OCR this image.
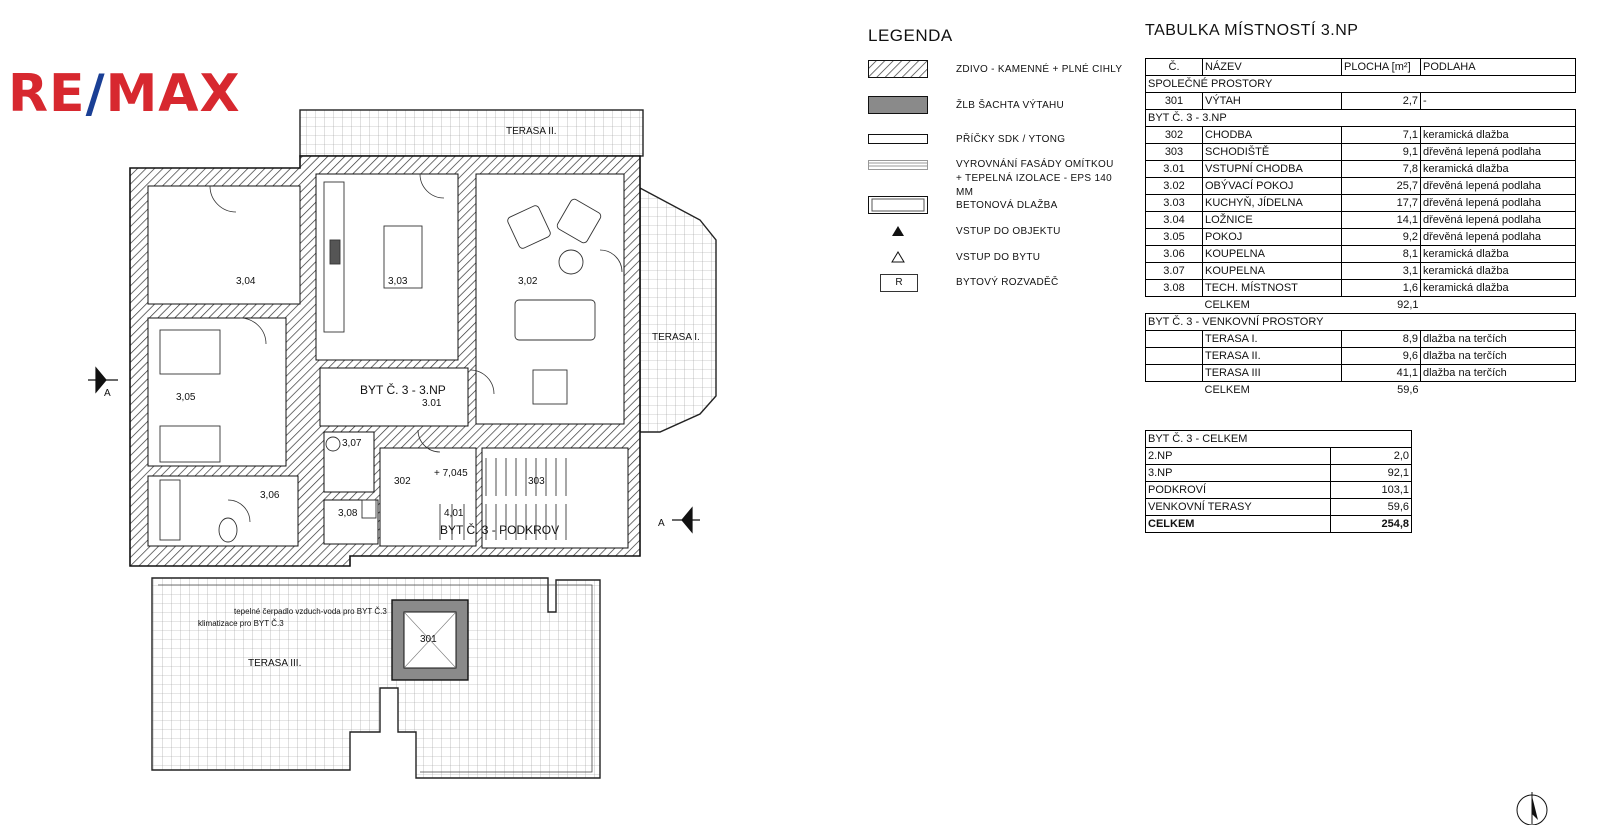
3,04	3,03	3,02
3,05
3,06
3,07
3,08
302	303
301
4,01
3.01
BYT Č. 3 - 3.NP
BYT Č. 3 - PODKROV
+ 7,045
TERASA I.
TERASA II.
TERASA III.
tepelné čerpadlo vzduch-voda pro BYT Č.3
klimatizace pro BYT Č.3
A
A
RE/MAX
LEGENDA
ZDIVO - KAMENNÉ + PLNÉ CIHLY
ŽLB ŠACHTA VÝTAHU
PŘÍČKY SDK / YTONG
VYROVNÁNÍ FASÁDY OMÍTKOU
+ TEPELNÁ IZOLACE - EPS 140 MM
BETONOVÁ DLAŽBA
VSTUP DO OBJEKTU
VSTUP DO BYTU
R	BYTOVÝ ROZVADĚČ
TABULKA MÍSTNOSTÍ 3.NP
Č.	NÁZEV	PLOCHA [m²]	PODLAHA
SPOLEČNÉ PROSTORY			
301	VÝTAH	2,7	-
BYT Č. 3 - 3.NP			
302	CHODBA	7,1	keramická dlažba
303	SCHODIŠTĚ	9,1	dřevěná lepená podlaha
3.01	VSTUPNÍ CHODBA	7,8	keramická dlažba
3.02	OBÝVACÍ POKOJ	25,7	dřevěná lepená podlaha
3.03	KUCHYŇ, JÍDELNA	17,7	dřevěná lepená podlaha
3.04	LOŽNICE	14,1	dřevěná lepená podlaha
3.05	POKOJ	9,2	dřevěná lepená podlaha
3.06	KOUPELNA	8,1	keramická dlažba
3.07	KOUPELNA	3,1	keramická dlažba
3.08	TECH. MÍSTNOST	1,6	keramická dlažba
	CELKEM	92,1	
BYT Č. 3 - VENKOVNÍ PROSTORY			
	TERASA I.	8,9	dlažba na terčích
	TERASA II.	9,6	dlažba na terčích
	TERASA III	41,1	dlažba na terčích
	CELKEM	59,6	
BYT Č. 3 - CELKEM	
2.NP	2,0
3.NP	92,1
PODKROVÍ	103,1
VENKOVNÍ TERASY	59,6
CELKEM	254,8
